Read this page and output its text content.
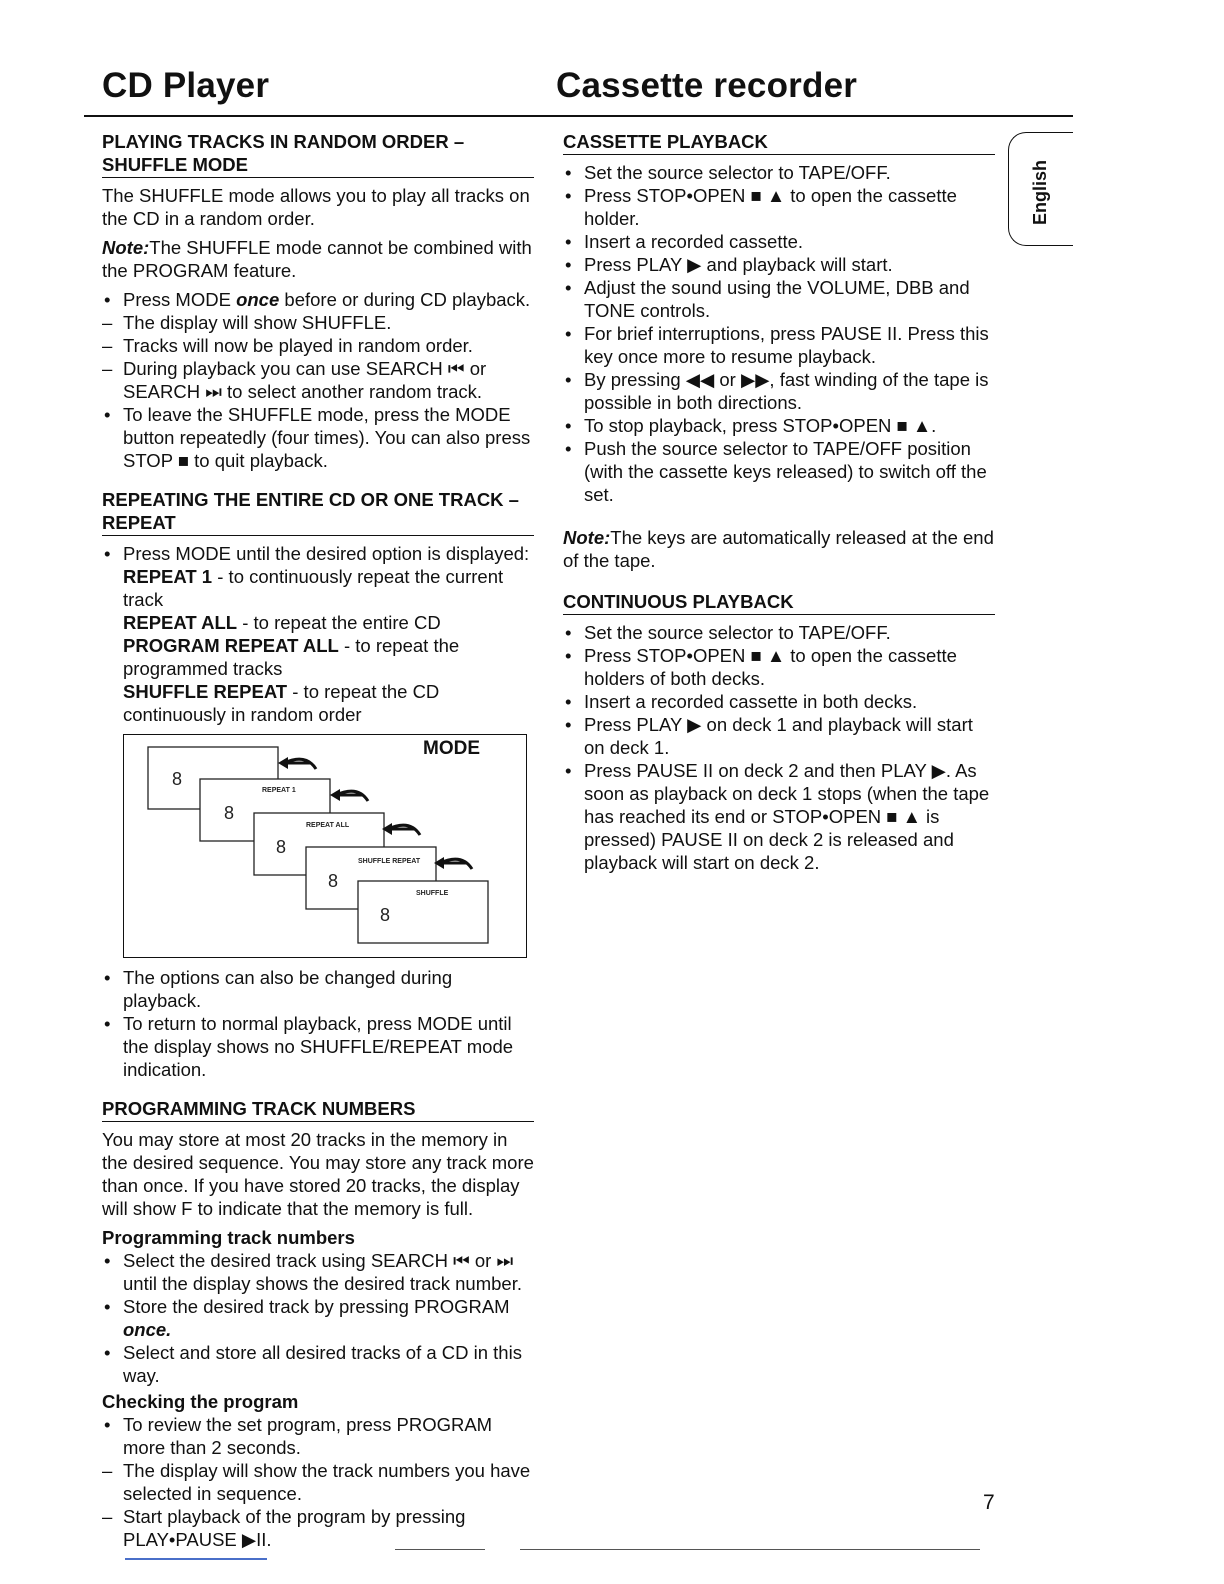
CD Player	Cassette recorder
English
PLAYING TRACKS IN RANDOM ORDER –
SHUFFLE MODE

The SHUFFLE mode allows you to play all tracks on the CD in a random order.

Note:The SHUFFLE mode cannot be combined with the PROGRAM feature.

• Press MODE once before or during CD playback.
– The display will show SHUFFLE.
– Tracks will now be played in random order.
– During playback you can use SEARCH ⏮ or SEARCH ⏭ to select another random track.
• To leave the SHUFFLE mode, press the MODE button repeatedly (four times). You can also press STOP ■ to quit playback.
REPEATING THE ENTIRE CD OR ONE TRACK –
REPEAT
• Press MODE until the desired option is displayed:
REPEAT 1 - to continuously repeat the current track
REPEAT ALL - to repeat the entire CD
PROGRAM REPEAT ALL - to repeat the programmed tracks
SHUFFLE REPEAT - to repeat the CD continuously in random order
MODE
8
8
8
8
8
REPEAT 1
REPEAT ALL
SHUFFLE REPEAT
SHUFFLE
• The options can also be changed during playback.
• To return to normal playback, press MODE until the display shows no SHUFFLE/REPEAT mode indication.
PROGRAMMING TRACK NUMBERS

You may store at most 20 tracks in the memory in the desired sequence. You may store any track more than once. If you have stored 20 tracks, the display will show F to indicate that the memory is full.

Programming track numbers
• Select the desired track using SEARCH ⏮ or ⏭ until the display shows the desired track number.
• Store the desired track by pressing PROGRAM once.
• Select and store all desired tracks of a CD in this way.
Checking the program
• To review the set program, press PROGRAM more than 2 seconds.
– The display will show the track numbers you have selected in sequence.
– Start playback of the program by pressing PLAY•PAUSE ▶II.
CASSETTE PLAYBACK
• Set the source selector to TAPE/OFF.
• Press STOP•OPEN ■ ▲ to open the cassette holder.
• Insert a recorded cassette.
• Press PLAY ▶ and playback will start.
• Adjust the sound using the VOLUME, DBB and TONE controls.
• For brief interruptions, press PAUSE II. Press this key once more to resume playback.
• By pressing ◀◀ or ▶▶, fast winding of the tape is possible in both directions.
• To stop playback, press STOP•OPEN ■ ▲.
• Push the source selector to TAPE/OFF position (with the cassette keys released) to switch off the set.

Note:The keys are automatically released at the end of the tape.

CONTINUOUS PLAYBACK
• Set the source selector to TAPE/OFF.
• Press STOP•OPEN ■ ▲ to open the cassette holders of both decks.
• Insert a recorded cassette in both decks.
• Press PLAY ▶ on deck 1 and playback will start on deck 1.
• Press PAUSE II on deck 2 and then PLAY ▶. As soon as playback on deck 1 stops (when the tape has reached its end or STOP•OPEN ■ ▲ is pressed) PAUSE II on deck 2 is released and playback will start on deck 2.
7
